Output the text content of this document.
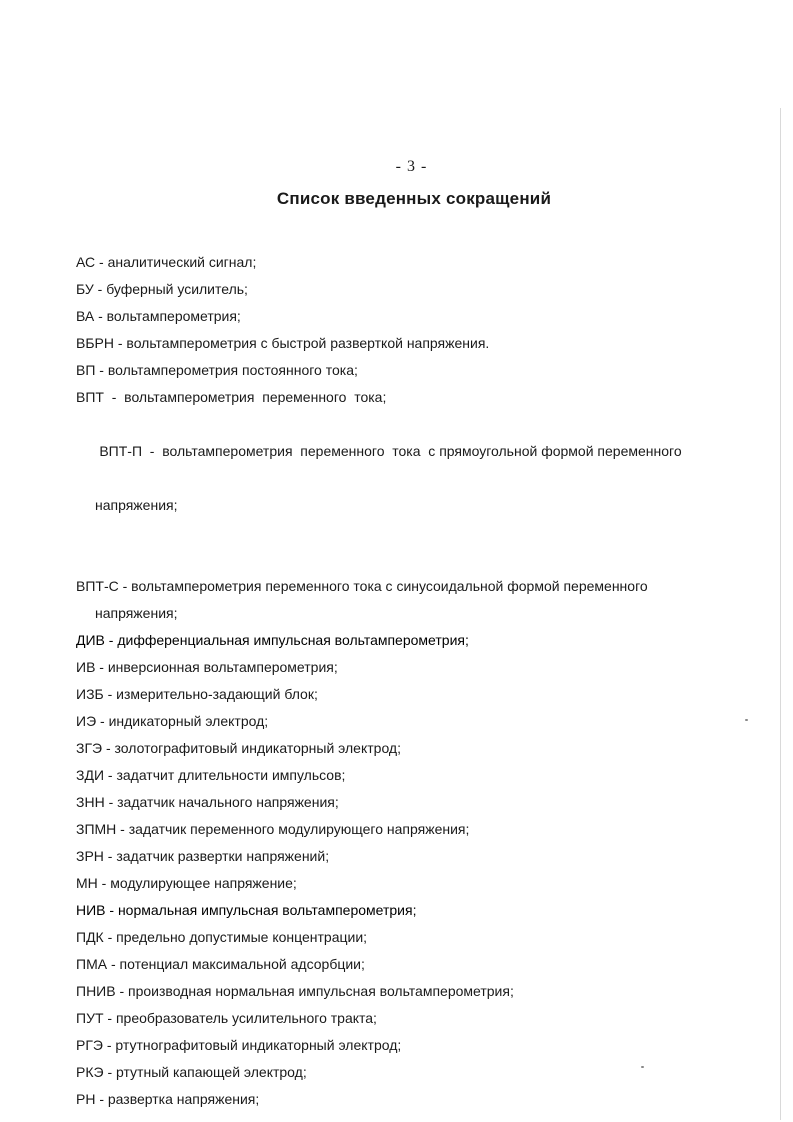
- 3 -
Список введенных сокращений
АС - аналитический сигнал;
БУ - буферный усилитель;
ВА - вольтамперометрия;
ВБРН - вольтамперометрия с быстрой разверткой напряжения.
ВП - вольтамперометрия постоянного тока;
ВПТ  -  вольтамперометрия  переменного  тока;

ВПТ-П  -  вольтамперометрия  переменного  тока  с прямоугольной формой переменного

напряжения;

ВПТ-С - вольтамперометрия переменного тока с синусоидальной формой переменного
напряжения;
ДИВ - дифференциальная импульсная вольтамперометрия;
ИВ - инверсионная вольтамперометрия;
ИЗБ - измерительно-задающий блок;
ИЭ - индикаторный электрод;
ЗГЭ - золотографитовый индикаторный электрод;
ЗДИ - задатчит длительности импульсов;
ЗНН - задатчик начального напряжения;
ЗПМН - задатчик переменного модулирующего напряжения;
ЗРН - задатчик развертки напряжений;
МН - модулирующее напряжение;
НИВ - нормальная импульсная вольтамперометрия;
ПДК - предельно допустимые концентрации;
ПМА - потенциал максимальной адсорбции;
ПНИВ - производная нормальная импульсная вольтамперометрия;
ПУТ - преобразователь усилительного тракта;
РГЭ - ртутнографитовый индикаторный электрод;
РКЭ - ртутный капающей электрод;
РН - развертка напряжения;
